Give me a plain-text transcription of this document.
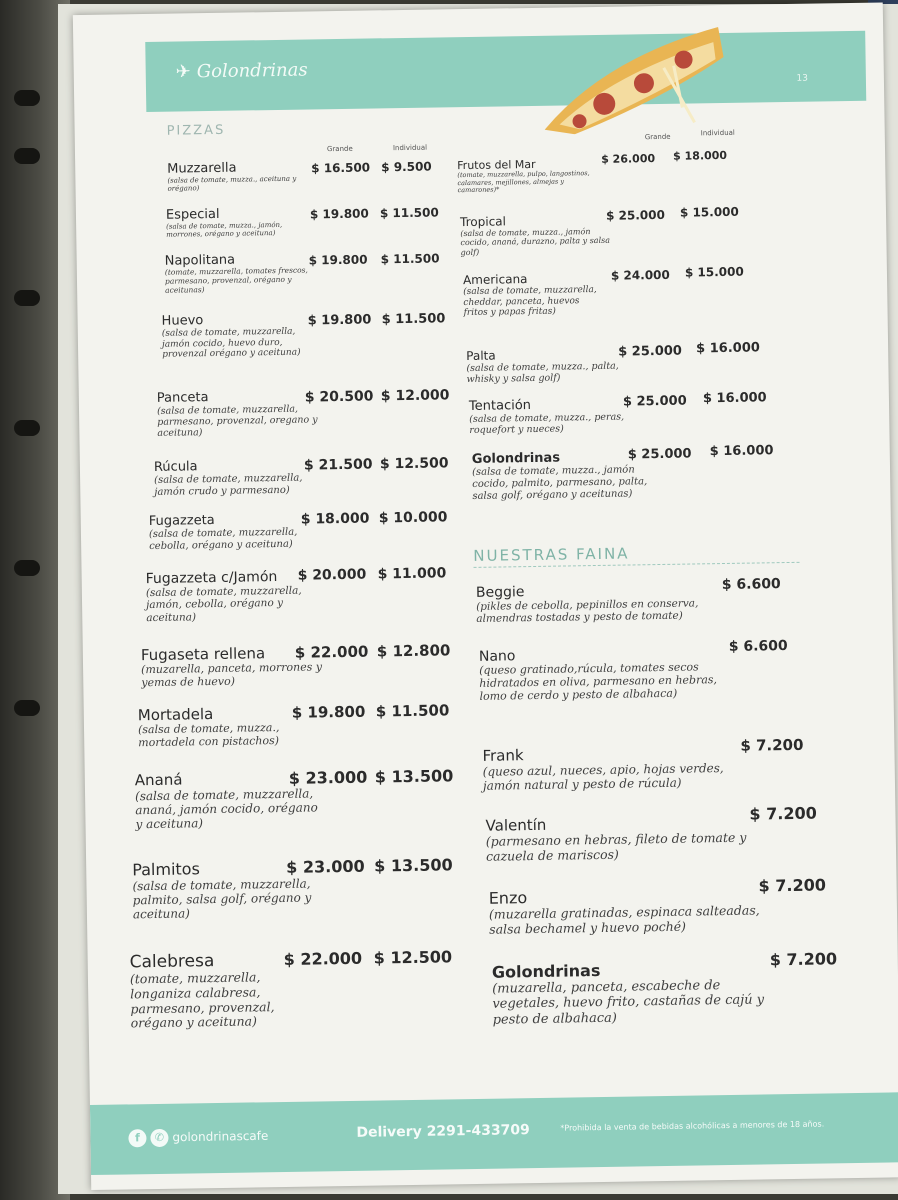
✈ Golondrinas	13
PIZZAS
Grande	Individual
Grande	Individual
Muzzarella
(salsa de tomate, muzza., aceituna y orégano)
$ 16.500 $ 9.500
Especial
(salsa de tomate, muzza., jamón, morrones, orégano y aceituna)
$ 19.800 $ 11.500
Napolitana
(tomate, muzzarella, tomates frescos, parmesano, provenzal, orégano y aceitunas)
$ 19.800 $ 11.500
Huevo
(salsa de tomate, muzzarella, jamón cocido, huevo duro, provenzal orégano y aceituna)
$ 19.800 $ 11.500
Panceta
(salsa de tomate, muzzarella, parmesano, provenzal, oregano y aceituna)
$ 20.500 $ 12.000
Rúcula
(salsa de tomate, muzzarella, jamón crudo y parmesano)
$ 21.500 $ 12.500
Fugazzeta
(salsa de tomate, muzzarella, cebolla, orégano y aceituna)
$ 18.000 $ 10.000
Fugazzeta c/Jamón
(salsa de tomate, muzzarella, jamón, cebolla, orégano y aceituna)
$ 20.000 $ 11.000
Fugaseta rellena
(muzarella, panceta, morrones y yemas de huevo)
$ 22.000 $ 12.800
Mortadela
(salsa de tomate, muzza., mortadela con pistachos)
$ 19.800 $ 11.500
Ananá
(salsa de tomate, muzzarella, ananá, jamón cocido, orégano y aceituna)
$ 23.000 $ 13.500
Palmitos
(salsa de tomate, muzzarella, palmito, salsa golf, orégano y aceituna)
$ 23.000 $ 13.500
Calebresa
(tomate, muzzarella, longaniza calabresa, parmesano, provenzal, orégano y aceituna)
$ 22.000 $ 12.500
Frutos del Mar
(tomate, muzzarella, pulpo, langostinos, calamares, mejillones, almejas y camarones)*
$ 26.000 $ 18.000
Tropical
(salsa de tomate, muzza., jamón cocido, ananá, durazno, palta y salsa golf)
$ 25.000 $ 15.000
Americana
(salsa de tomate, muzzarella, cheddar, panceta, huevos fritos y papas fritas)
$ 24.000 $ 15.000
Palta
(salsa de tomate, muzza., palta, whisky y salsa golf)
$ 25.000 $ 16.000
Tentación
(salsa de tomate, muzza., peras, roquefort y nueces)
$ 25.000 $ 16.000
Golondrinas
(salsa de tomate, muzza., jamón cocido, palmito, parmesano, palta, salsa golf, orégano y aceitunas)
$ 25.000 $ 16.000
NUESTRAS FAINA
Beggie
(pikles de cebolla, pepinillos en conserva, almendras tostadas y pesto de tomate)
$ 6.600
Nano
(queso gratinado,rúcula, tomates secos hidratados en oliva, parmesano en hebras, lomo de cerdo y pesto de albahaca)
$ 6.600
Frank
(queso azul, nueces, apio, hojas verdes, jamón natural y pesto de rúcula)
$ 7.200
Valentín
(parmesano en hebras, fileto de tomate y cazuela de mariscos)
$ 7.200
Enzo
(muzarella gratinadas, espinaca salteadas, salsa bechamel y huevo poché)
$ 7.200
Golondrinas
(muzarella, panceta, escabeche de vegetales, huevo frito, castañas de cajú y pesto de albahaca)
$ 7.200
f ✆ golondrinascafe	Delivery 2291-433709	*Prohibida la venta de bebidas alcohólicas a menores de 18 años.
